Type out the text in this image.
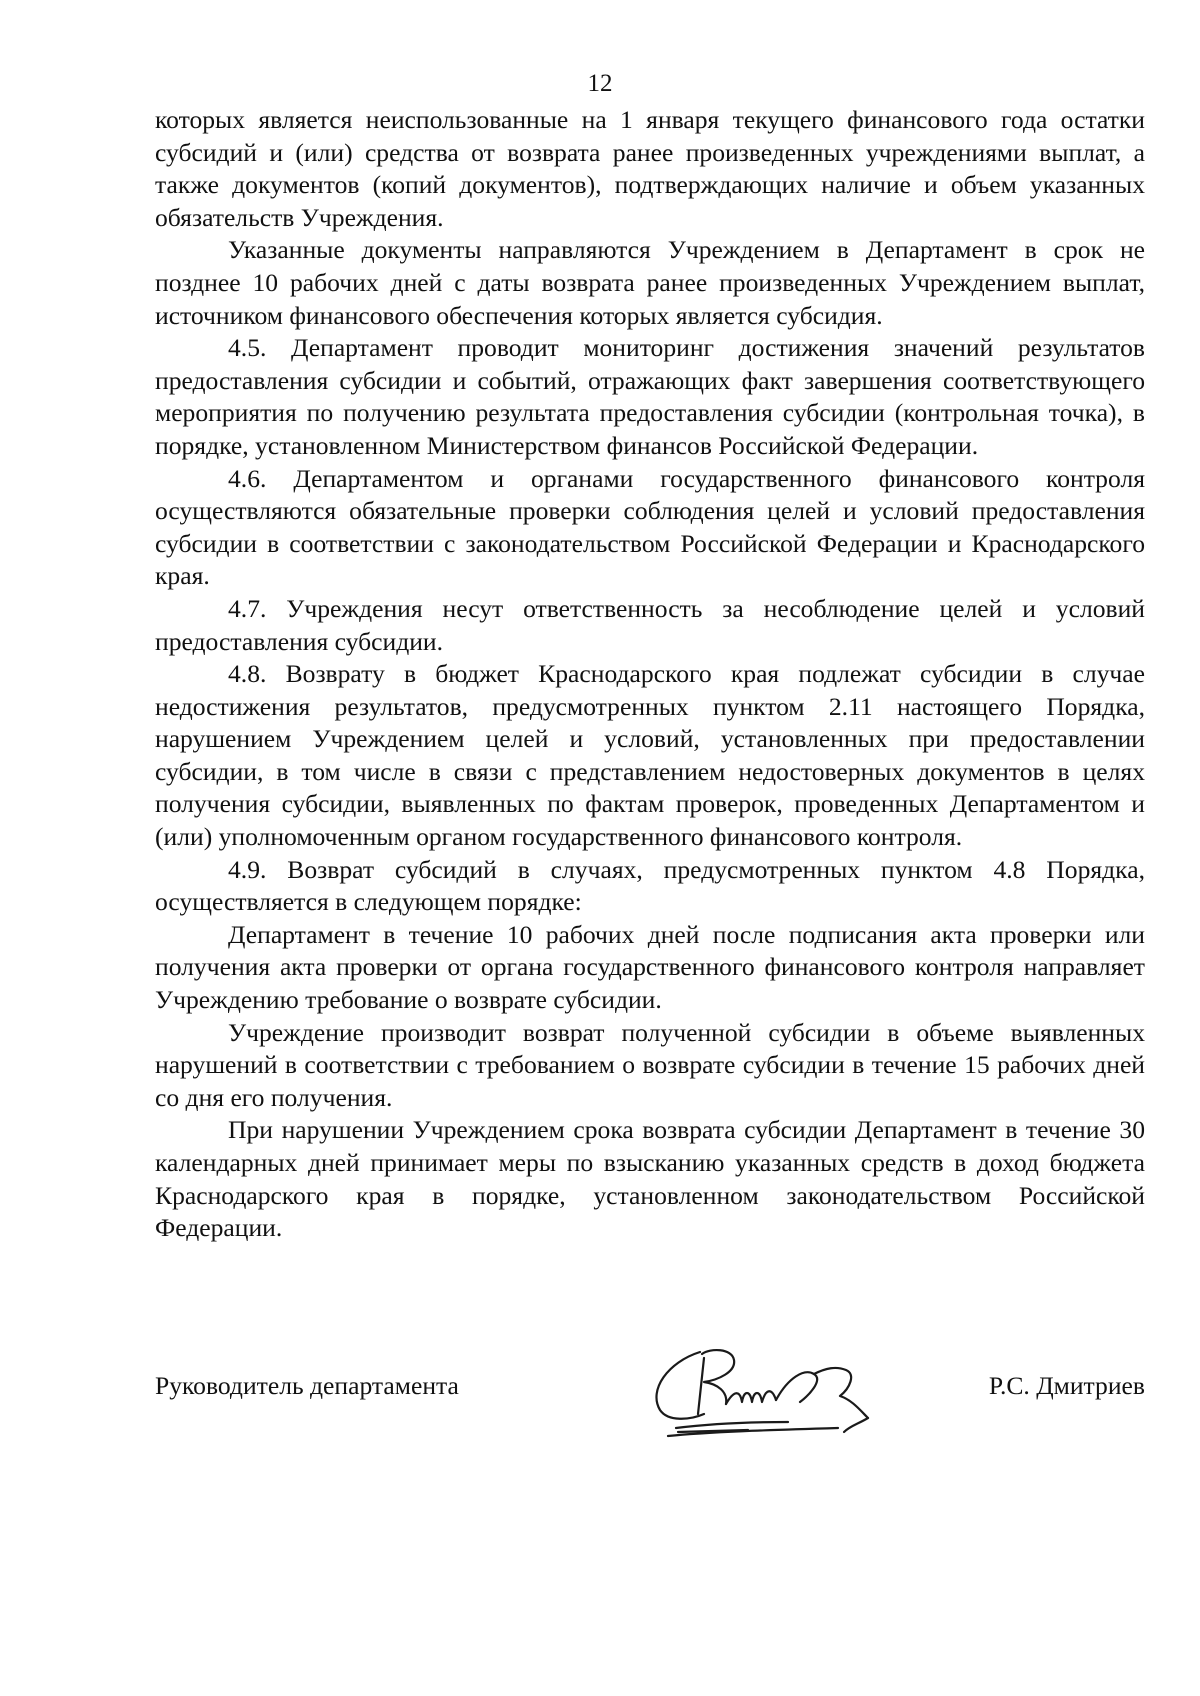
12

которых является неиспользованные на 1 января текущего финансового года остатки субсидий и (или) средства от возврата ранее произведенных учреждениями выплат, а также документов (копий документов), подтверждающих наличие и объем указанных обязательств Учреждения.

Указанные документы направляются Учреждением в Департамент в срок не позднее 10 рабочих дней с даты возврата ранее произведенных Учреждением выплат, источником финансового обеспечения которых является субсидия.

4.5. Департамент проводит мониторинг достижения значений результатов предоставления субсидии и событий, отражающих факт завершения соответствующего мероприятия по получению результата предоставления субсидии (контрольная точка), в порядке, установленном Министерством финансов Российской Федерации.

4.6. Департаментом и органами государственного финансового контроля осуществляются обязательные проверки соблюдения целей и условий предоставления субсидии в соответствии с законодательством Российской Федерации и Краснодарского края.

4.7. Учреждения несут ответственность за несоблюдение целей и условий предоставления субсидии.

4.8. Возврату в бюджет Краснодарского края подлежат субсидии в случае недостижения результатов, предусмотренных пунктом 2.11 настоящего Порядка, нарушением Учреждением целей и условий, установленных при предоставлении субсидии, в том числе в связи с представлением недостоверных документов в целях получения субсидии, выявленных по фактам проверок, проведенных Департаментом и (или) уполномоченным органом государственного финансового контроля.

4.9. Возврат субсидий в случаях, предусмотренных пунктом 4.8 Порядка, осуществляется в следующем порядке:

Департамент в течение 10 рабочих дней после подписания акта проверки или получения акта проверки от органа государственного финансового контроля направляет Учреждению требование о возврате субсидии.

Учреждение производит возврат полученной субсидии в объеме выявленных нарушений в соответствии с требованием о возврате субсидии в течение 15 рабочих дней со дня его получения.

При нарушении Учреждением срока возврата субсидии Департамент в течение 30 календарных дней принимает меры по взысканию указанных средств в доход бюджета Краснодарского края в порядке, установленном законодательством Российской Федерации.

Руководитель департамента	Р.С. Дмитриев
